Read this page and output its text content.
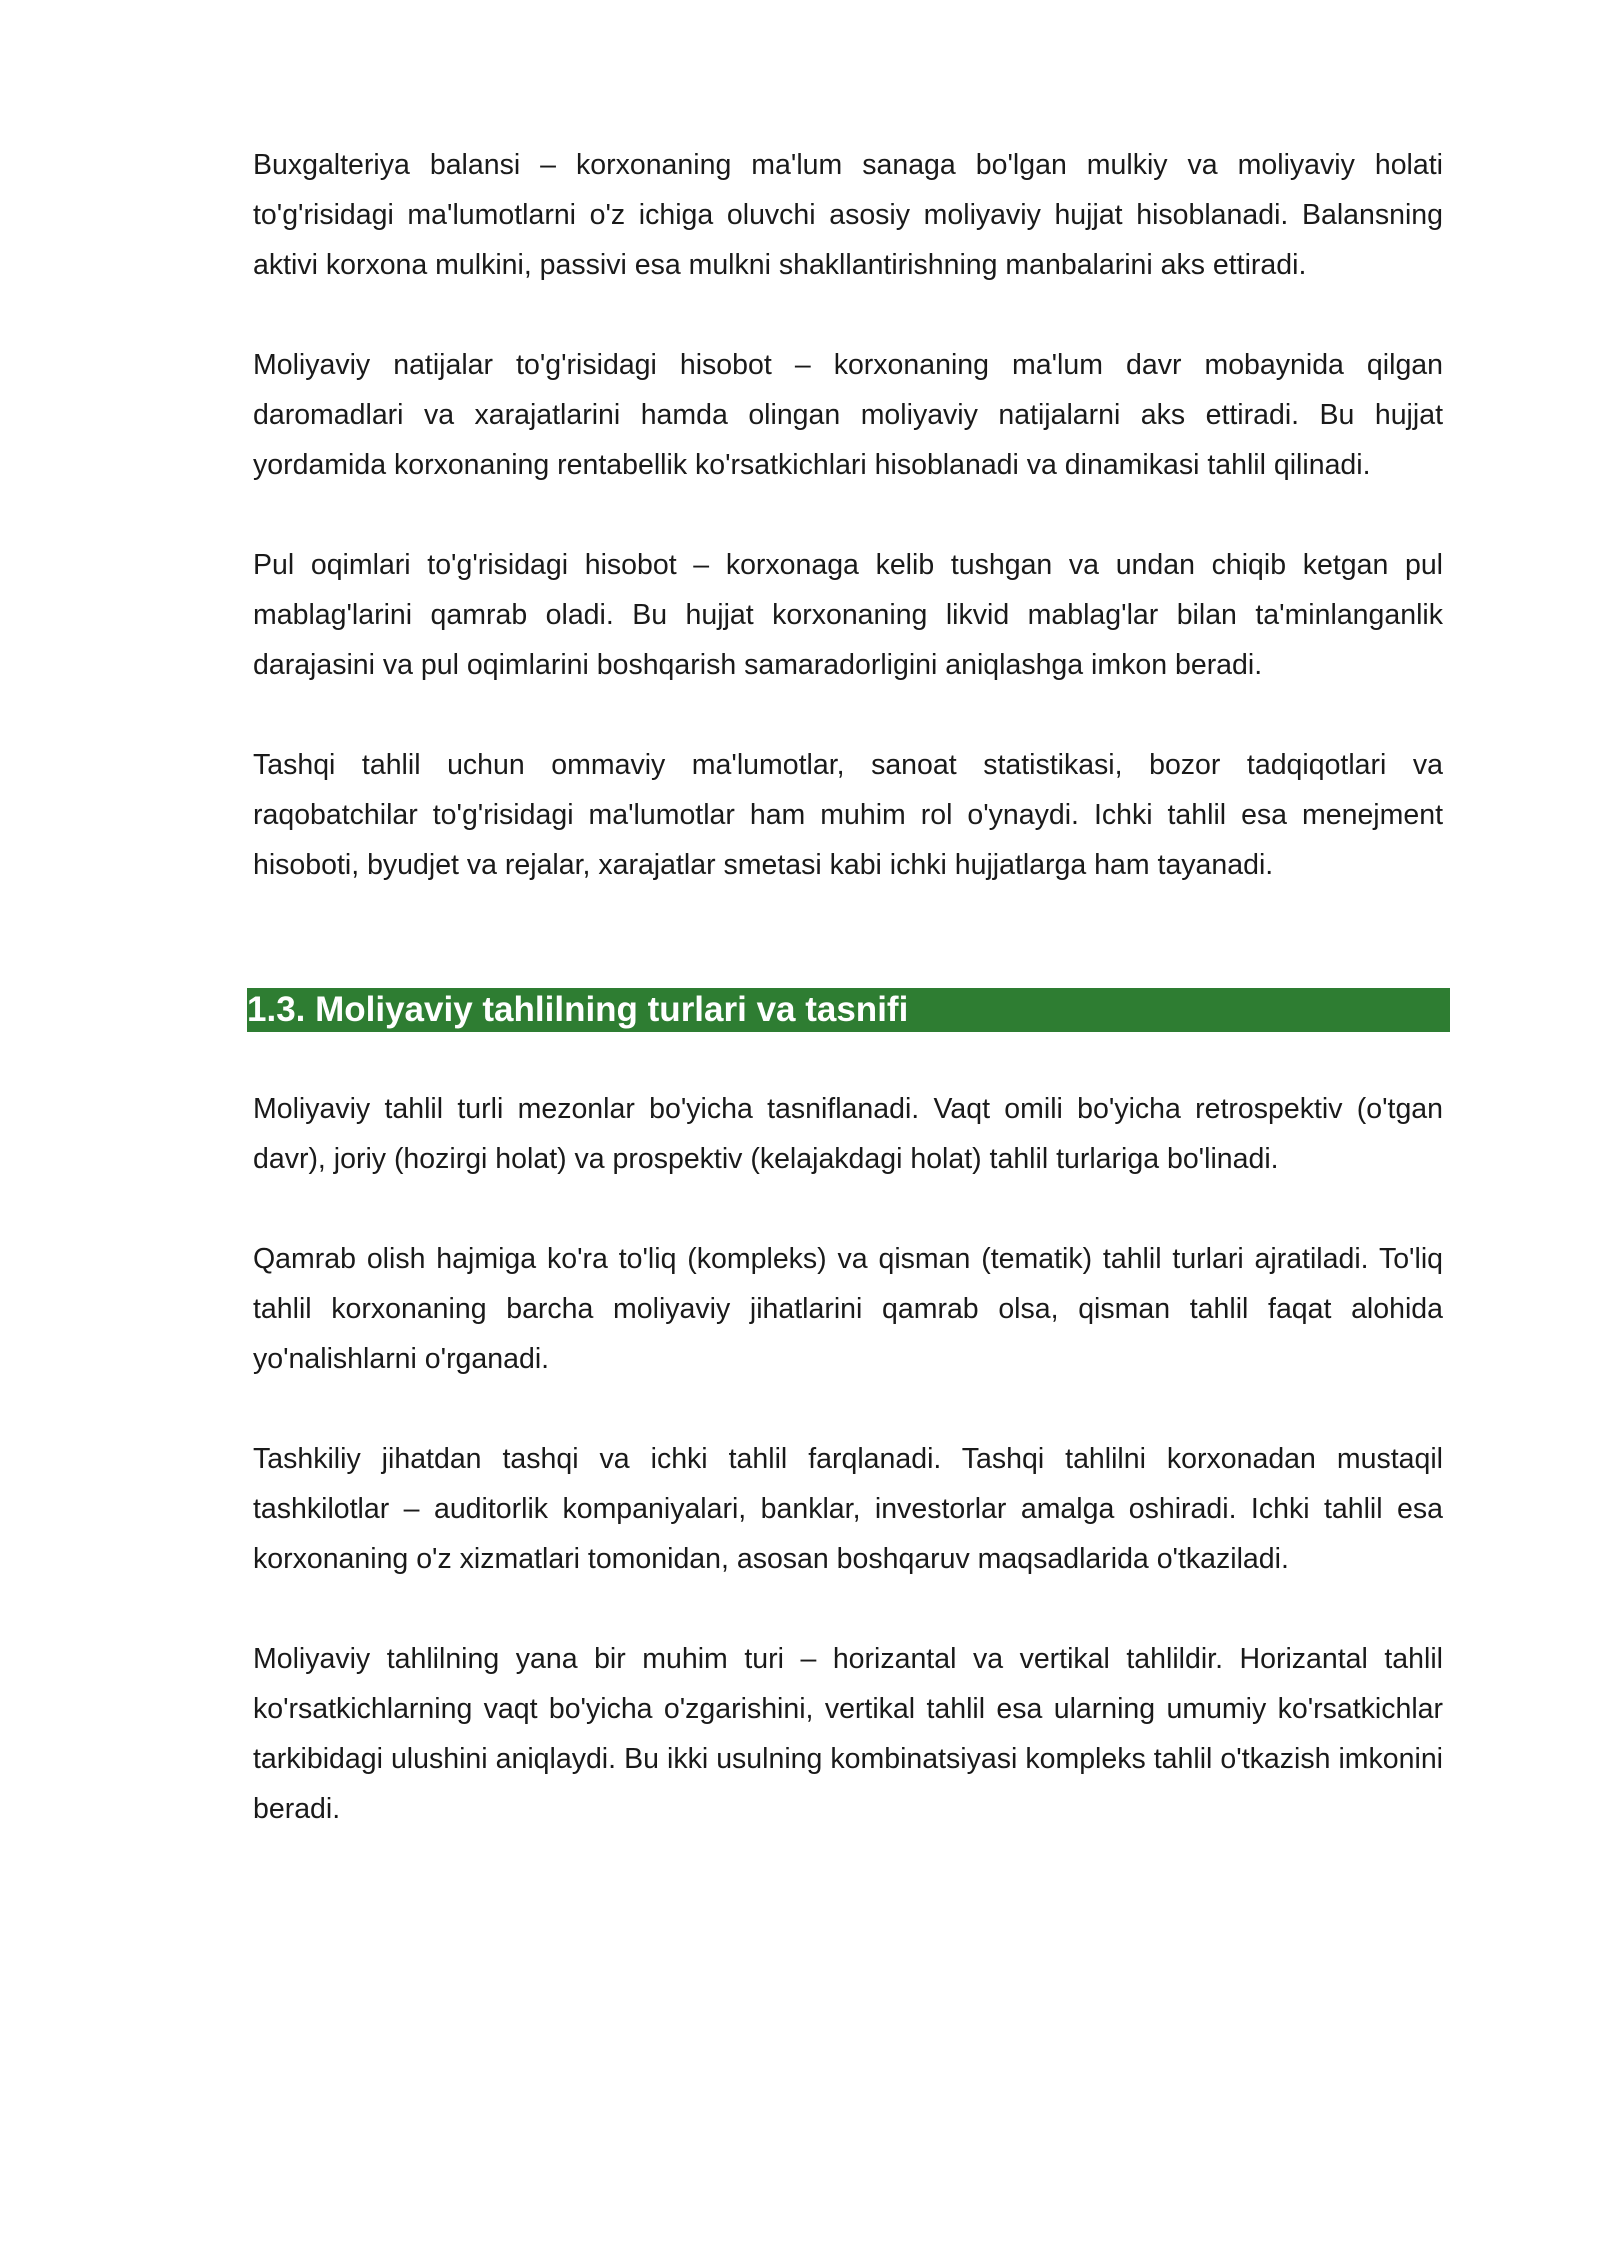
Buxgalteriya balansi – korxonaning ma'lum sanaga bo'lgan mulkiy va moliyaviy holati to'g'risidagi ma'lumotlarni o'z ichiga oluvchi asosiy moliyaviy hujjat hisoblanadi. Balansning aktivi korxona mulkini, passivi esa mulkni shakllantirishning manbalarini aks ettiradi.

Moliyaviy natijalar to'g'risidagi hisobot – korxonaning ma'lum davr mobaynida qilgan daromadlari va xarajatlarini hamda olingan moliyaviy natijalarni aks ettiradi. Bu hujjat yordamida korxonaning rentabellik ko'rsatkichlari hisoblanadi va dinamikasi tahlil qilinadi.

Pul oqimlari to'g'risidagi hisobot – korxonaga kelib tushgan va undan chiqib ketgan pul mablag'larini qamrab oladi. Bu hujjat korxonaning likvid mablag'lar bilan ta'minlanganlik darajasini va pul oqimlarini boshqarish samaradorligini aniqlashga imkon beradi.

Tashqi tahlil uchun ommaviy ma'lumotlar, sanoat statistikasi, bozor tadqiqotlari va raqobatchilar to'g'risidagi ma'lumotlar ham muhim rol o'ynaydi. Ichki tahlil esa menejment hisoboti, byudjet va rejalar, xarajatlar smetasi kabi ichki hujjatlarga ham tayanadi.

1.3. Moliyaviy tahlilning turlari va tasnifi

Moliyaviy tahlil turli mezonlar bo'yicha tasniflanadi. Vaqt omili bo'yicha retrospektiv (o'tgan davr), joriy (hozirgi holat) va prospektiv (kelajakdagi holat) tahlil turlariga bo'linadi.

Qamrab olish hajmiga ko'ra to'liq (kompleks) va qisman (tematik) tahlil turlari ajratiladi. To'liq tahlil korxonaning barcha moliyaviy jihatlarini qamrab olsa, qisman tahlil faqat alohida yo'nalishlarni o'rganadi.

Tashkiliy jihatdan tashqi va ichki tahlil farqlanadi. Tashqi tahlilni korxonadan mustaqil tashkilotlar – auditorlik kompaniyalari, banklar, investorlar amalga oshiradi. Ichki tahlil esa korxonaning o'z xizmatlari tomonidan, asosan boshqaruv maqsadlarida o'tkaziladi.

Moliyaviy tahlilning yana bir muhim turi – horizantal va vertikal tahlildir. Horizantal tahlil ko'rsatkichlarning vaqt bo'yicha o'zgarishini, vertikal tahlil esa ularning umumiy ko'rsatkichlar tarkibidagi ulushini aniqlaydi. Bu ikki usulning kombinatsiyasi kompleks tahlil o'tkazish imkonini beradi.
